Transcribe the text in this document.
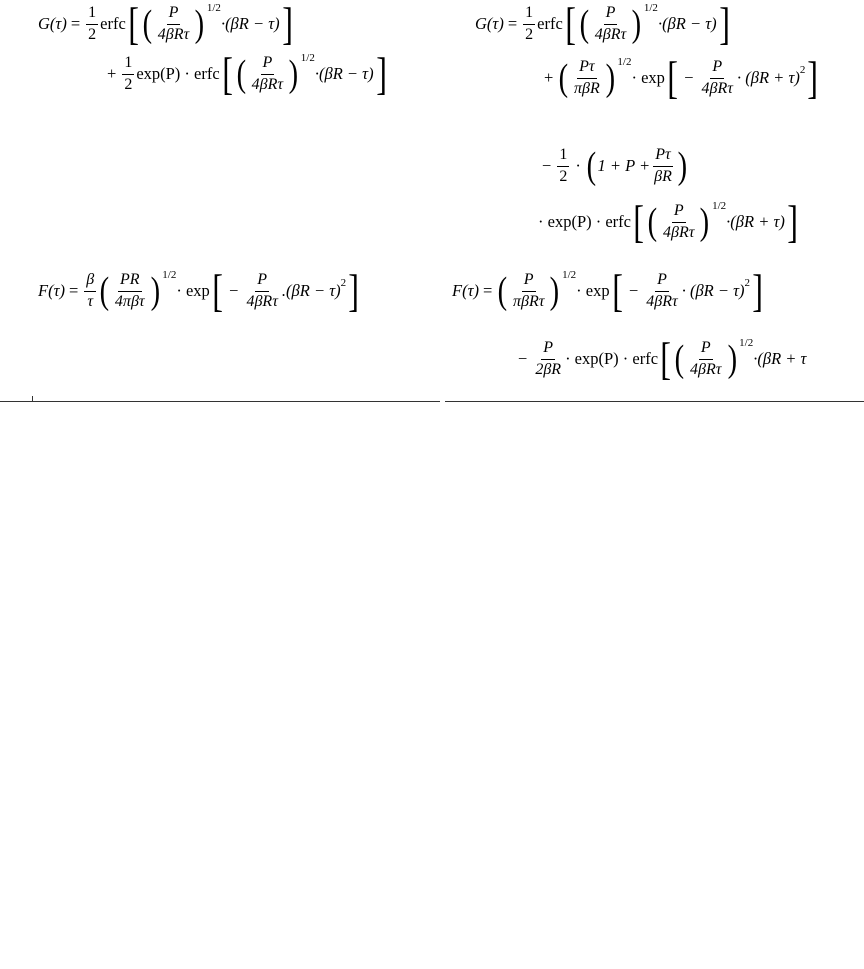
$G(\tau) = \frac{1}{2}$ erfc [ ( $\frac{P}{\text{4βRτ}}$ ) 1/2
·(βR − τ) ]
+ $\frac{1}{2} \exp(P)$ · erfc [ ( $\frac{P}{\text{4βRτ}}$ ) 1/2
·(βR − τ) ]
$G(\tau) = \frac{1}{2}$ erfc [ ( $\frac{P}{\text{4βRτ}}$ ) 1/2
·(βR − τ) ]
+ ( $\frac{P\tau}{\text{πβR}}$ ) 1/2
· exp [ − $\frac{P}{\text{4βRτ}} \cdot (\beta R + \tau)$ 2 ]
− $\frac{1}{2}$ · ( $1 + P + \frac{P\tau}{\beta R}$ )
· exp(P) · erfc [ ( $\frac{P}{\text{4βRτ}}$ ) 1/2
·(βR + τ) ]
$F(\tau) = \frac{\beta}{\tau}$ ( $\frac{PR}{\text{4πβτ}}$ ) 1/2
· exp [ − $\frac{P}{\text{4βRτ}} .(\beta R - \tau)$ 2 ]	F(τ) = ( $\frac{P}{\text{πβRτ}}$ ) 1/2
· exp [ − $\frac{P}{\text{4βRτ}} \cdot (\beta R - \tau)$ 2 ]
− $\frac{P}{2\beta R} \cdot \exp(P)$ · erfc [ ( $\frac{P}{\text{4βRτ}}$ ) 1/2
·(βR + τ
